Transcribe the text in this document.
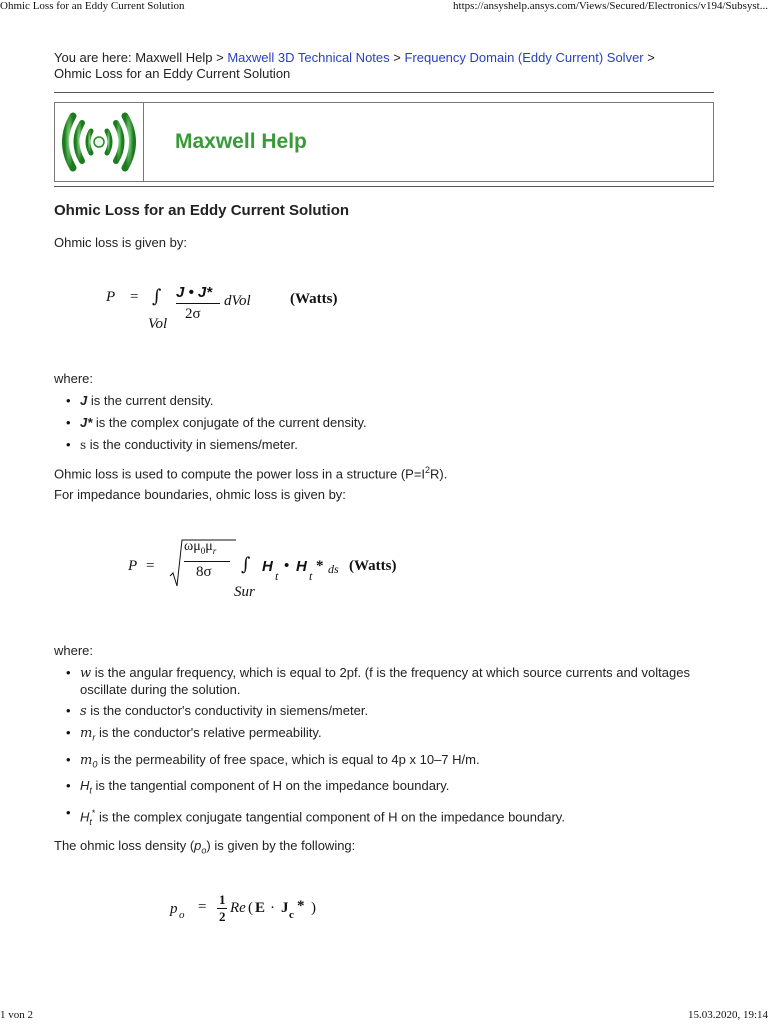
Ohmic Loss for an Eddy Current Solution	https://ansyshelp.ansys.com/Views/Secured/Electronics/v194/Subsyst...
You are here: Maxwell Help > Maxwell 3D Technical Notes > Frequency Domain (Eddy Current) Solver >
Ohmic Loss for an Eddy Current Solution
Maxwell Help
Ohmic Loss for an Eddy Current Solution

Ohmic loss is given by:

P = ∫
Vol
J • J*
2σ
dVol	(Watts)

where:

• J is the current density.
• J* is the complex conjugate of the current density.
• s is the conductivity in siemens/meter.

Ohmic loss is used to compute the power loss in a structure $(P=I^2R)$.

For impedance boundaries, ohmic loss is given by:

P =
$\omega\mu_0\mu_r$
8σ ∫
Sur
H
t
• H
t
* ds (Watts)

where:

• w is the angular frequency, which is equal to 2pf. (f is the frequency at which source currents and voltages oscillate during the solution.
• s is the conductor's conductivity in siemens/meter.
• $m_r$ is the conductor's relative permeability.
• $m_0$ is the permeability of free space, which is equal to 4p x 10–7 H/m.
• $H_t$ is the tangential component of H on the impedance boundary.
• $H_t^*$ is the complex conjugate tangential component of H on the impedance boundary.

The ohmic loss density $(p_o)$ is given by the following:

p o = 1
2
Re ( E · J c
* )
1 von 2	15.03.2020, 19:14
